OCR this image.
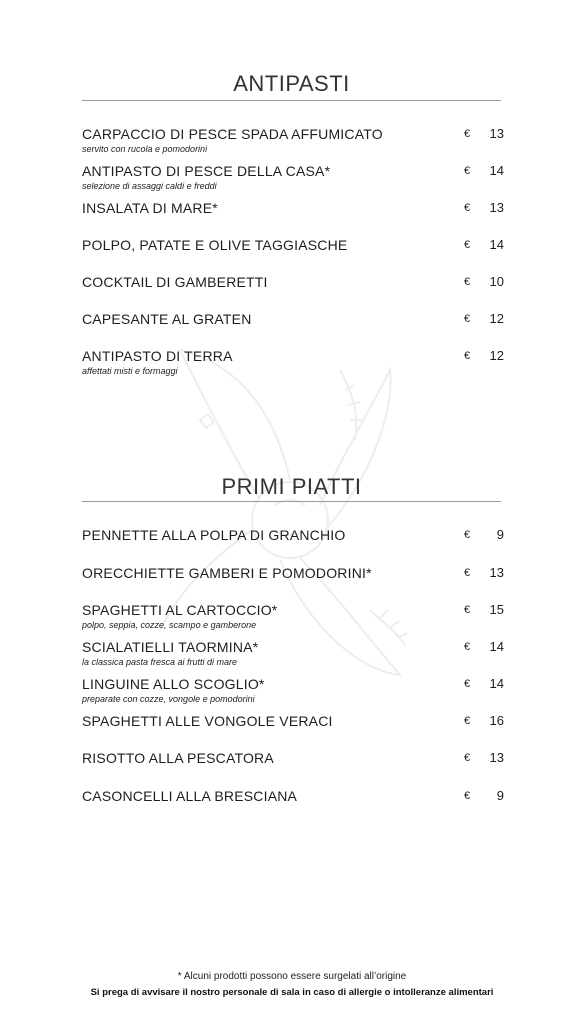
ANTIPASTI
CARPACCIO DI PESCE SPADA AFFUMICATO
servito con rucola e pomodorini
€	13
ANTIPASTO DI PESCE DELLA CASA*
selezione di assaggi caldi e freddi
€	14
INSALATA DI MARE*	€	13
POLPO, PATATE E OLIVE TAGGIASCHE	€	14
COCKTAIL DI GAMBERETTI	€	10
CAPESANTE AL GRATEN	€	12
ANTIPASTO DI TERRA
affettati misti e formaggi
€	12
PRIMI PIATTI
PENNETTE ALLA POLPA DI GRANCHIO	€	9
ORECCHIETTE GAMBERI E POMODORINI*	€	13
SPAGHETTI AL CARTOCCIO*
polpo, seppia, cozze, scampo e gamberone
€	15
SCIALATIELLI TAORMINA*
la classica pasta fresca ai frutti di mare
€	14
LINGUINE ALLO SCOGLIO*
preparate con cozze, vongole e pomodorini
€	14
SPAGHETTI ALLE VONGOLE VERACI	€	16
RISOTTO ALLA PESCATORA	€	13
CASONCELLI ALLA BRESCIANA	€	9
* Alcuni prodotti possono essere surgelati all’origine
Si prega di avvisare il nostro personale di sala in caso di allergie o intolleranze alimentari
